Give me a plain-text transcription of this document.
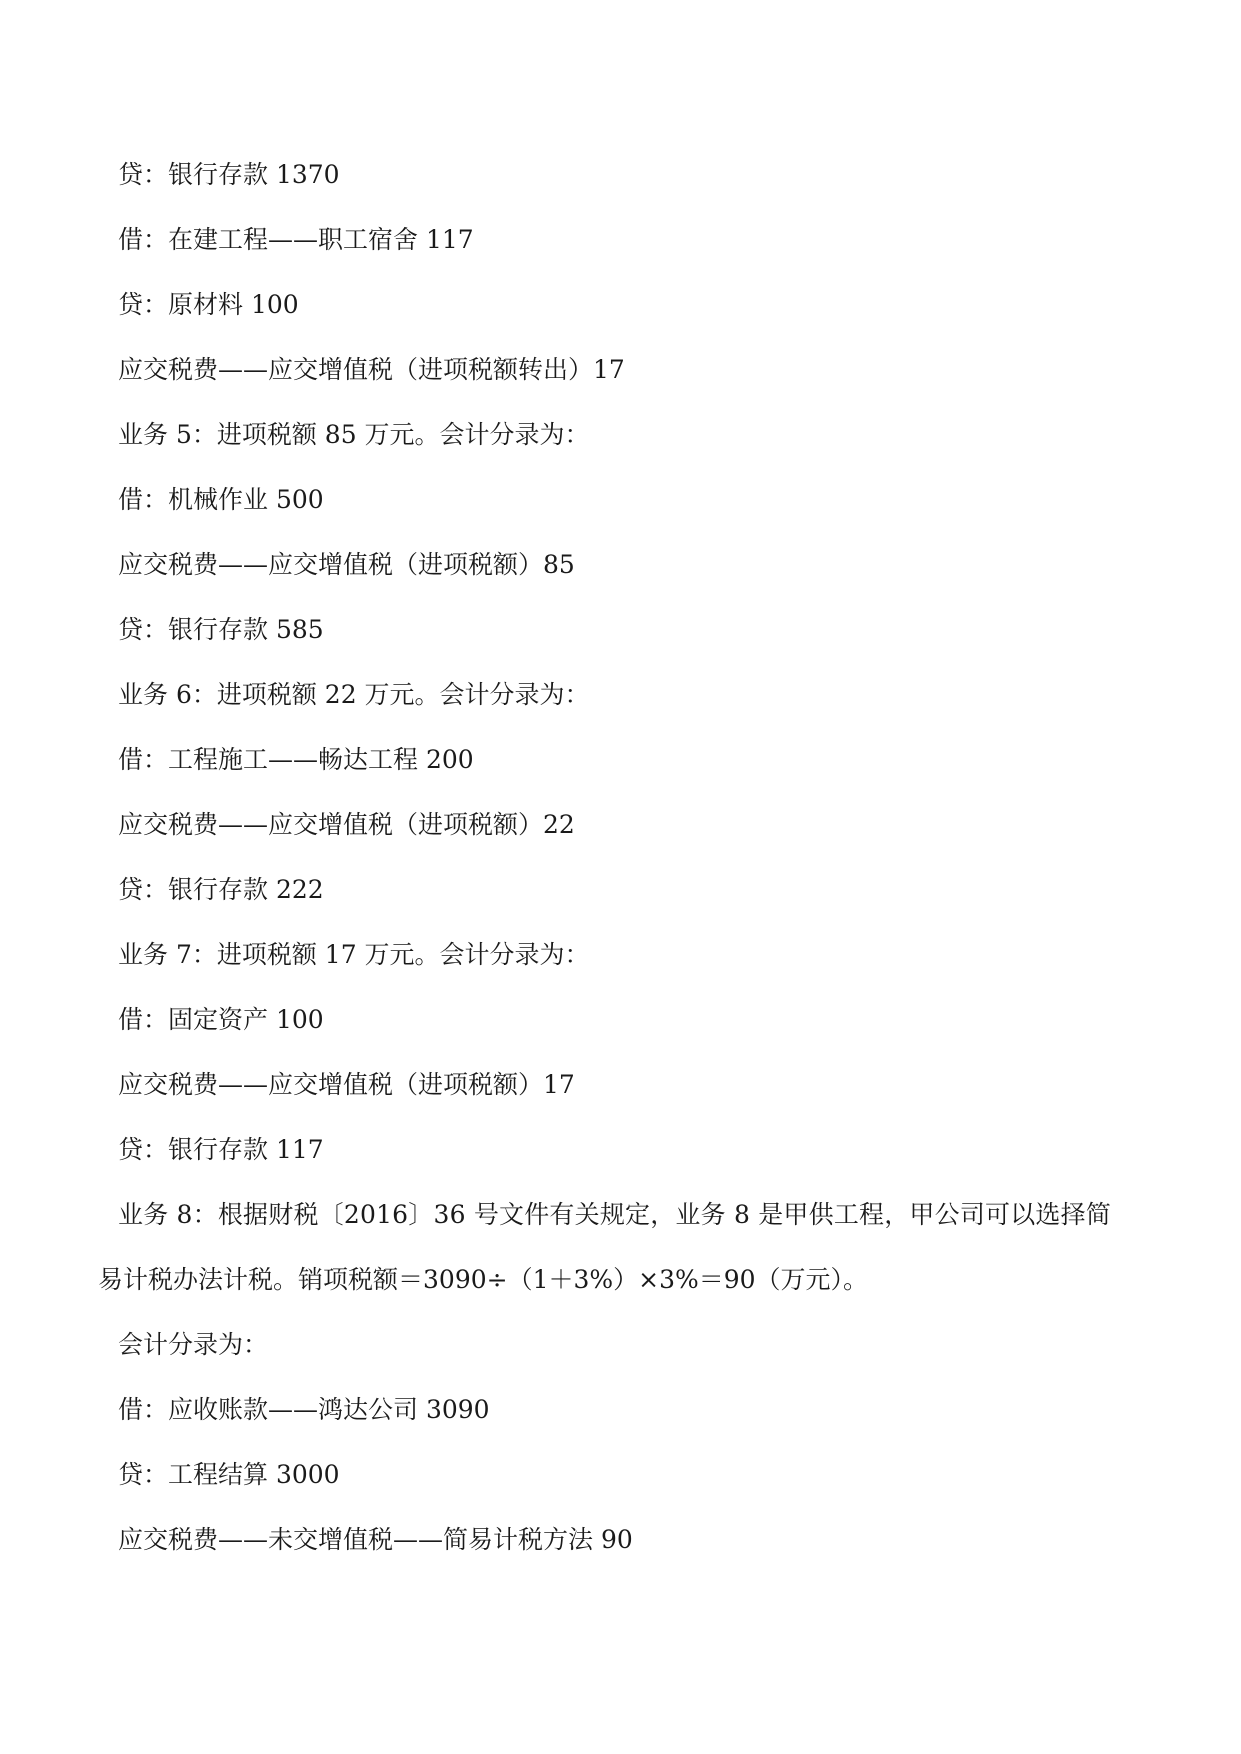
贷：银行存款 1370
借：在建工程——职工宿舍 117
贷：原材料 100
应交税费——应交增值税（进项税额转出）17
业务 5：进项税额 85 万元。会计分录为：
借：机械作业 500
应交税费——应交增值税（进项税额）85
贷：银行存款 585
业务 6：进项税额 22 万元。会计分录为：
借：工程施工——畅达工程 200
应交税费——应交增值税（进项税额）22
贷：银行存款 222
业务 7：进项税额 17 万元。会计分录为：
借：固定资产 100
应交税费——应交增值税（进项税额）17
贷：银行存款 117
业务 8：根据财税〔2016〕36 号文件有关规定，业务 8 是甲供工程，甲公司可以选择简
易计税办法计税。销项税额＝3090÷（1＋3%）×3%＝90（万元）。
会计分录为：
借：应收账款——鸿达公司 3090
贷：工程结算 3000
应交税费——未交增值税——简易计税方法 90
